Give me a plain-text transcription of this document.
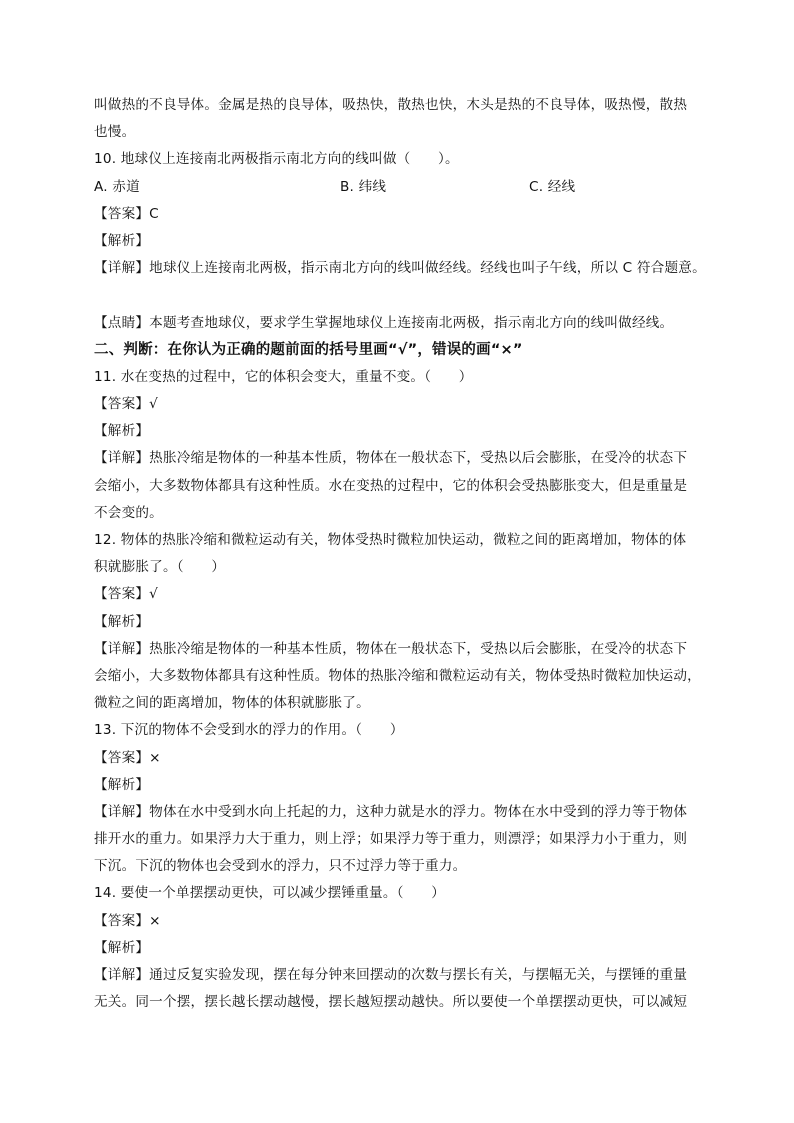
叫做热的不良导体。金属是热的良导体，吸热快，散热也快，木头是热的不良导体，吸热慢，散热
也慢。
10. 地球仪上连接南北两极指示南北方向的线叫做（　　）。
A. 赤道	B. 纬线	C. 经线
【答案】C
【解析】
【详解】地球仪上连接南北两极，指示南北方向的线叫做经线。经线也叫子午线，所以 C 符合题意。
【点睛】本题考查地球仪，要求学生掌握地球仪上连接南北两极，指示南北方向的线叫做经线。
二、判断：在你认为正确的题前面的括号里画“√”，错误的画“×”
11. 水在变热的过程中，它的体积会变大，重量不变。（　　）
【答案】√
【解析】
【详解】热胀冷缩是物体的一种基本性质，物体在一般状态下，受热以后会膨胀，在受冷的状态下
会缩小，大多数物体都具有这种性质。水在变热的过程中，它的体积会受热膨胀变大，但是重量是
不会变的。
12. 物体的热胀冷缩和微粒运动有关，物体受热时微粒加快运动，微粒之间的距离增加，物体的体
积就膨胀了。（　　）
【答案】√
【解析】
【详解】热胀冷缩是物体的一种基本性质，物体在一般状态下，受热以后会膨胀，在受冷的状态下
会缩小，大多数物体都具有这种性质。物体的热胀冷缩和微粒运动有关，物体受热时微粒加快运动，
微粒之间的距离增加，物体的体积就膨胀了。
13. 下沉的物体不会受到水的浮力的作用。（　　）
【答案】×
【解析】
【详解】物体在水中受到水向上托起的力，这种力就是水的浮力。物体在水中受到的浮力等于物体
排开水的重力。如果浮力大于重力，则上浮；如果浮力等于重力，则漂浮；如果浮力小于重力，则
下沉。下沉的物体也会受到水的浮力，只不过浮力等于重力。
14. 要使一个单摆摆动更快，可以减少摆锤重量。（　　）
【答案】×
【解析】
【详解】通过反复实验发现，摆在每分钟来回摆动的次数与摆长有关，与摆幅无关，与摆锤的重量
无关。同一个摆，摆长越长摆动越慢，摆长越短摆动越快。所以要使一个单摆摆动更快，可以减短
